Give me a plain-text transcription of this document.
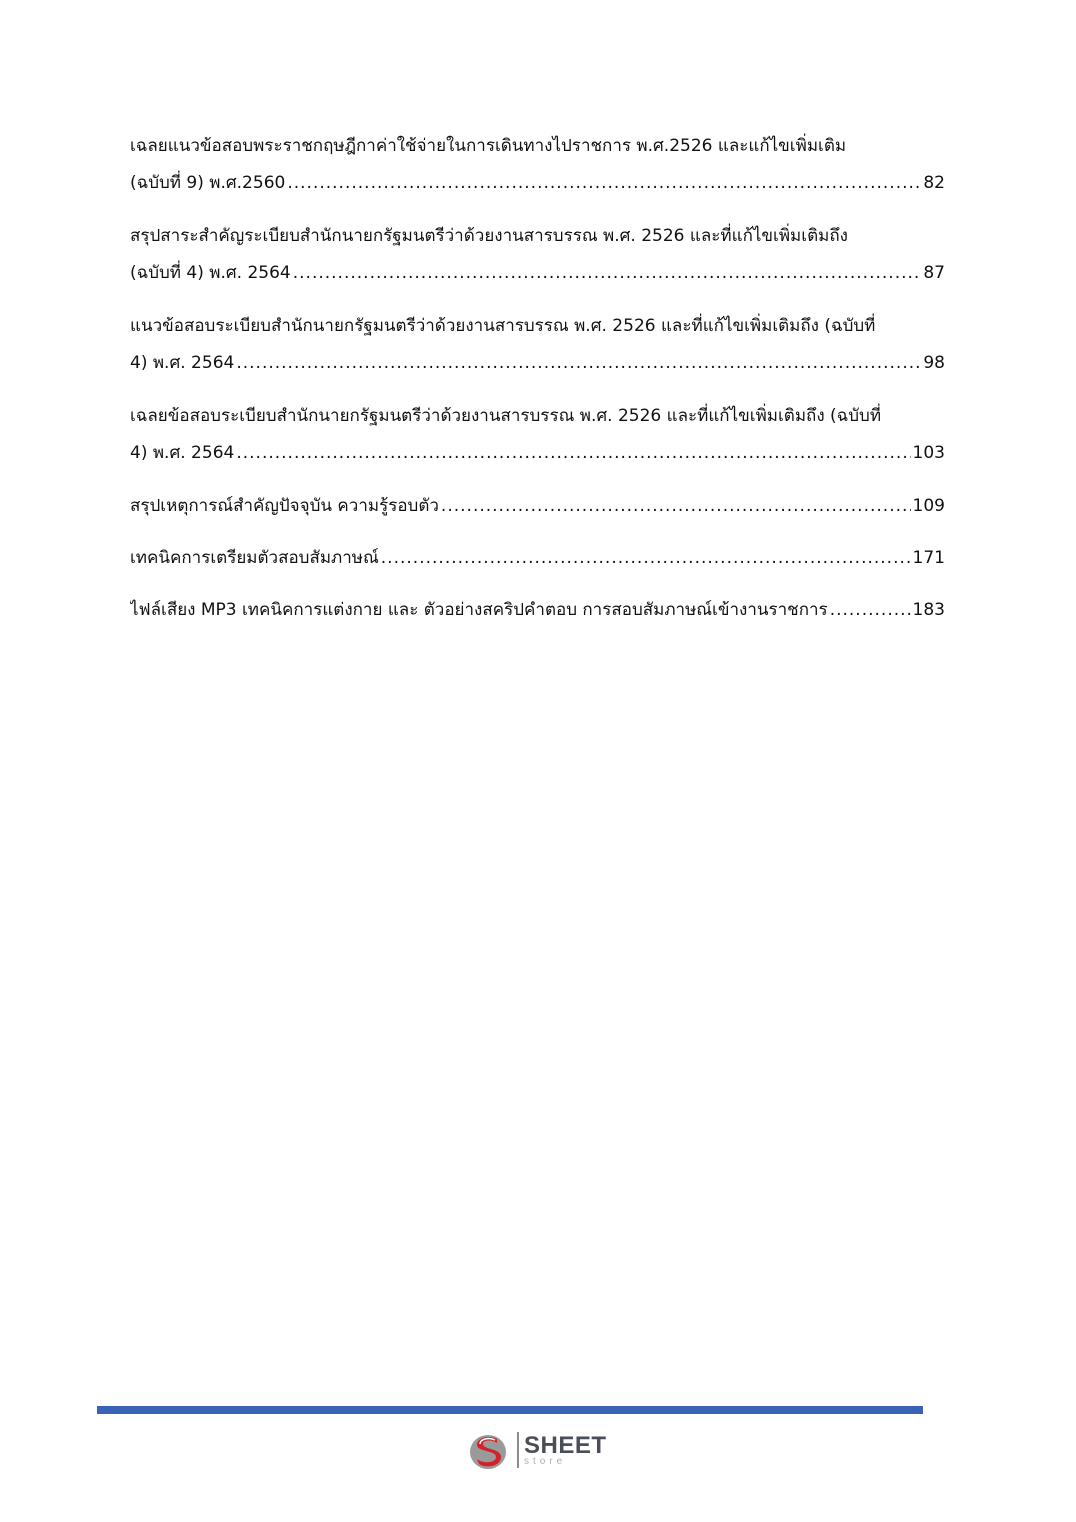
เฉลยแนวข้อสอบพระราชกฤษฎีกาค่าใช้จ่ายในการเดินทางไปราชการ พ.ศ.2526 และแก้ไขเพิ่มเติม
(ฉบับที่ 9) พ.ศ.2560 .....	82
สรุปสาระสำคัญระเบียบสำนักนายกรัฐมนตรีว่าด้วยงานสารบรรณ พ.ศ. 2526 และที่แก้ไขเพิ่มเติมถึง
(ฉบับที่ 4) พ.ศ. 2564 .....	87
แนวข้อสอบระเบียบสำนักนายกรัฐมนตรีว่าด้วยงานสารบรรณ พ.ศ. 2526 และที่แก้ไขเพิ่มเติมถึง (ฉบับที่
4) พ.ศ. 2564 .....	98
เฉลยข้อสอบระเบียบสำนักนายกรัฐมนตรีว่าด้วยงานสารบรรณ พ.ศ. 2526 และที่แก้ไขเพิ่มเติมถึง (ฉบับที่
4) พ.ศ. 2564 .....	103
สรุปเหตุการณ์สำคัญปัจจุบัน ความรู้รอบตัว .....	109
เทคนิคการเตรียมตัวสอบสัมภาษณ์ .....	171
ไฟล์เสียง MP3 เทคนิคการแต่งกาย และ ตัวอย่างสคริปคำตอบ การสอบสัมภาษณ์เข้างานราชการ .....	183
SHEET
store
